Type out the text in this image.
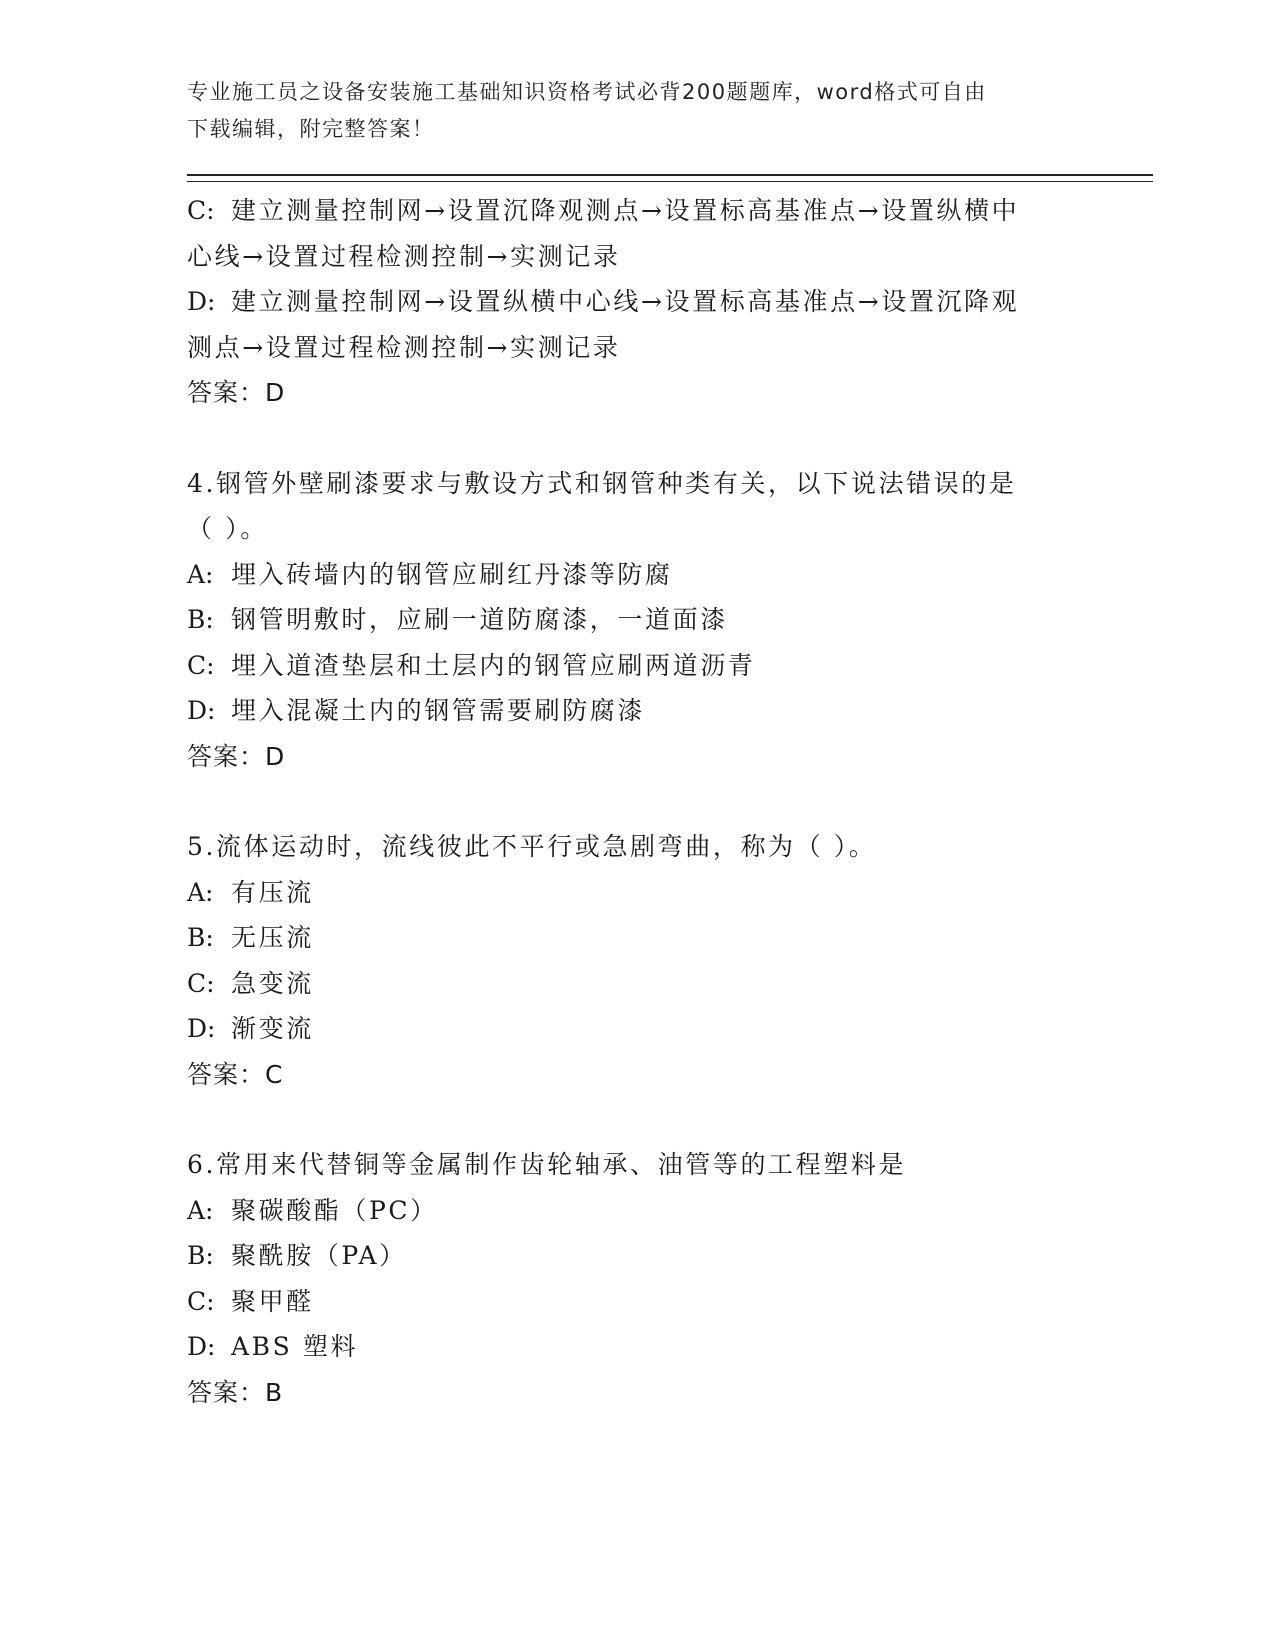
专业施工员之设备安装施工基础知识资格考试必背200题题库，word格式可自由
下载编辑，附完整答案！
C: 建立测量控制网→设置沉降观测点→设置标高基准点→设置纵横中
心线→设置过程检测控制→实测记录
D: 建立测量控制网→设置纵横中心线→设置标高基准点→设置沉降观
测点→设置过程检测控制→实测记录
答案：D
4.钢管外壁刷漆要求与敷设方式和钢管种类有关，以下说法错误的是
（ ）。
A: 埋入砖墙内的钢管应刷红丹漆等防腐
B: 钢管明敷时，应刷一道防腐漆，一道面漆
C: 埋入道渣垫层和土层内的钢管应刷两道沥青
D: 埋入混凝土内的钢管需要刷防腐漆
答案：D
5.流体运动时，流线彼此不平行或急剧弯曲，称为（ ）。
A: 有压流
B: 无压流
C: 急变流
D: 渐变流
答案：C
6.常用来代替铜等金属制作齿轮轴承、油管等的工程塑料是
A: 聚碳酸酯（PC）
B: 聚酰胺（PA）
C: 聚甲醛
D: ABS 塑料
答案：B
